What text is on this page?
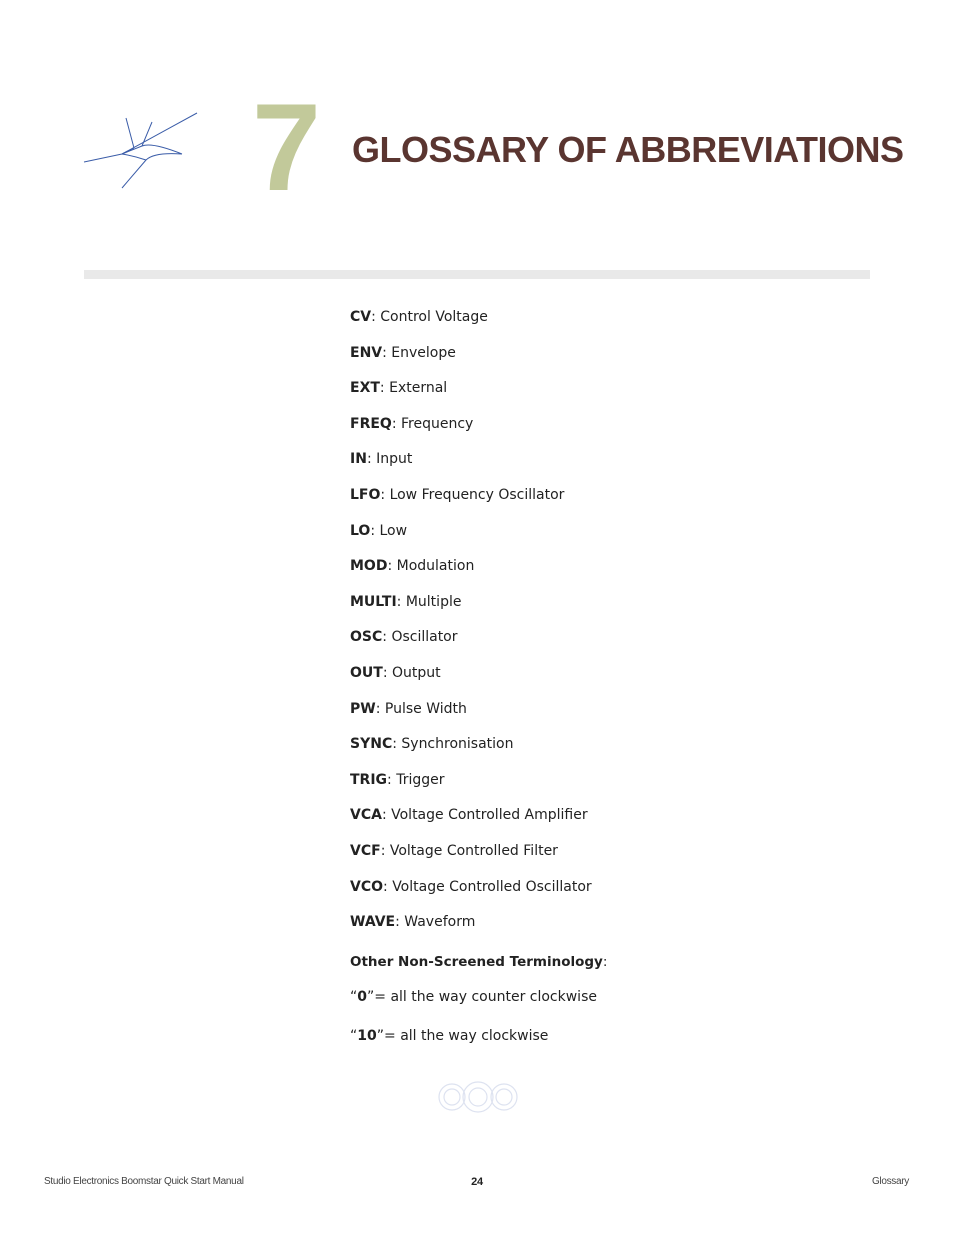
7 GLOSSARY OF ABBREVIATIONS
CV: Control Voltage
ENV: Envelope
EXT: External
FREQ: Frequency
IN: Input
LFO: Low Frequency Oscillator
LO: Low
MOD: Modulation
MULTI: Multiple
OSC: Oscillator
OUT: Output
PW: Pulse Width
SYNC: Synchronisation
TRIG: Trigger
VCA: Voltage Controlled Amplifier
VCF: Voltage Controlled Filter
VCO: Voltage Controlled Oscillator
WAVE: Waveform
Other Non-Screened Terminology:
“0”= all the way counter clockwise
“10”= all the way clockwise
Studio Electronics Boomstar Quick Start Manual	24	Glossary
